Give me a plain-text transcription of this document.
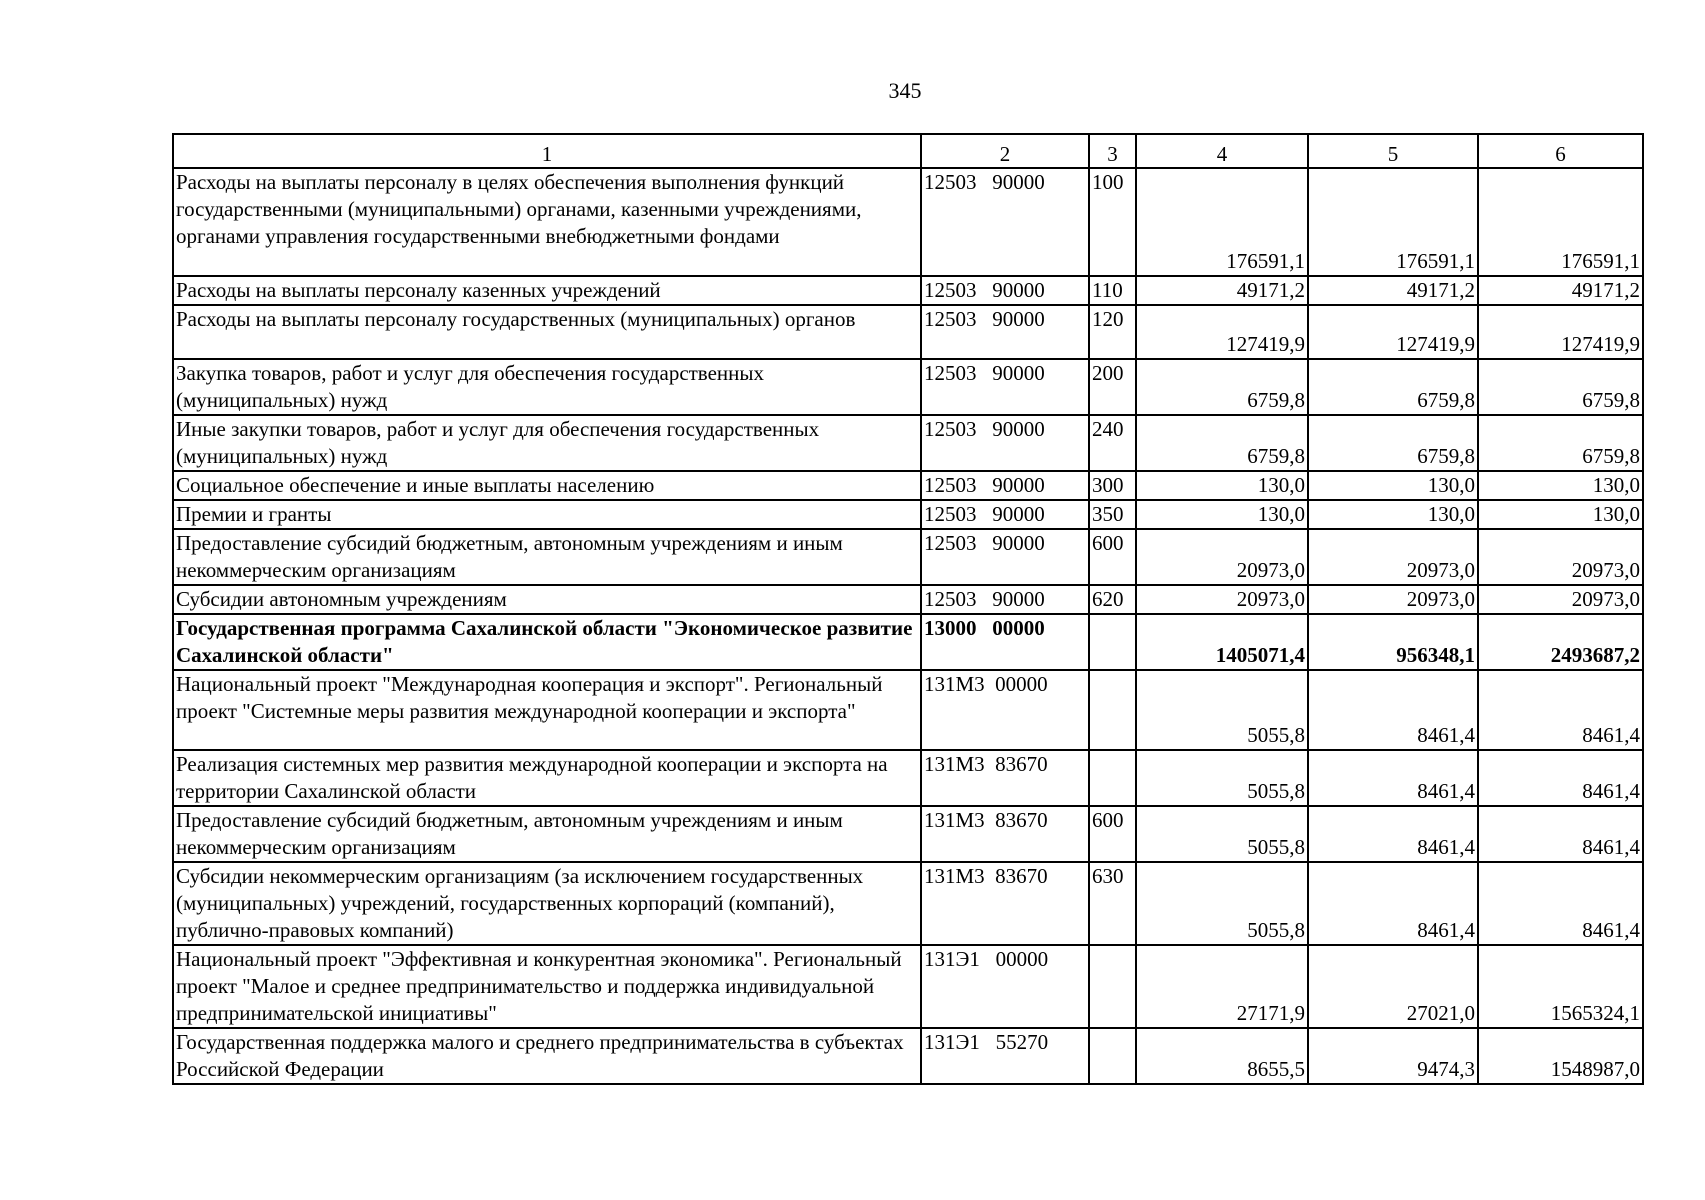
345
1	2	3	4	5	6
Расходы на выплаты персоналу в целях обеспечения выполнения функций государственными (муниципальными) органами, казенными учреждениями, органами управления государственными внебюджетными фондами	12503   90000	100	176591,1	176591,1	176591,1
Расходы на выплаты персоналу казенных учреждений	12503   90000	110	49171,2	49171,2	49171,2
Расходы на выплаты персоналу государственных (муниципальных) органов	12503   90000	120	127419,9	127419,9	127419,9
Закупка товаров, работ и услуг для обеспечения государственных (муниципальных) нужд	12503   90000	200	6759,8	6759,8	6759,8
Иные закупки товаров, работ и услуг для обеспечения государственных (муниципальных) нужд	12503   90000	240	6759,8	6759,8	6759,8
Социальное обеспечение и иные выплаты населению	12503   90000	300	130,0	130,0	130,0
Премии и гранты	12503   90000	350	130,0	130,0	130,0
Предоставление субсидий бюджетным, автономным учреждениям и иным некоммерческим организациям	12503   90000	600	20973,0	20973,0	20973,0
Субсидии автономным учреждениям	12503   90000	620	20973,0	20973,0	20973,0
Государственная программа Сахалинской области "Экономическое развитие Сахалинской области"	13000   00000		1405071,4	956348,1	2493687,2
Национальный проект "Международная кооперация и экспорт". Региональный проект "Системные меры развития международной кооперации и экспорта"	131М3  00000		5055,8	8461,4	8461,4
Реализация системных мер развития международной кооперации и экспорта на территории Сахалинской области	131М3  83670		5055,8	8461,4	8461,4
Предоставление субсидий бюджетным, автономным учреждениям и иным некоммерческим организациям	131М3  83670	600	5055,8	8461,4	8461,4
Субсидии некоммерческим организациям (за исключением государственных (муниципальных) учреждений, государственных корпораций (компаний), публично-правовых компаний)	131М3  83670	630	5055,8	8461,4	8461,4
Национальный проект "Эффективная и конкурентная экономика". Региональный проект "Малое и среднее предпринимательство и поддержка индивидуальной предпринимательской инициативы"	131Э1   00000		27171,9	27021,0	1565324,1
Государственная поддержка малого и среднего предпринимательства в субъектах Российской Федерации	131Э1   55270		8655,5	9474,3	1548987,0
